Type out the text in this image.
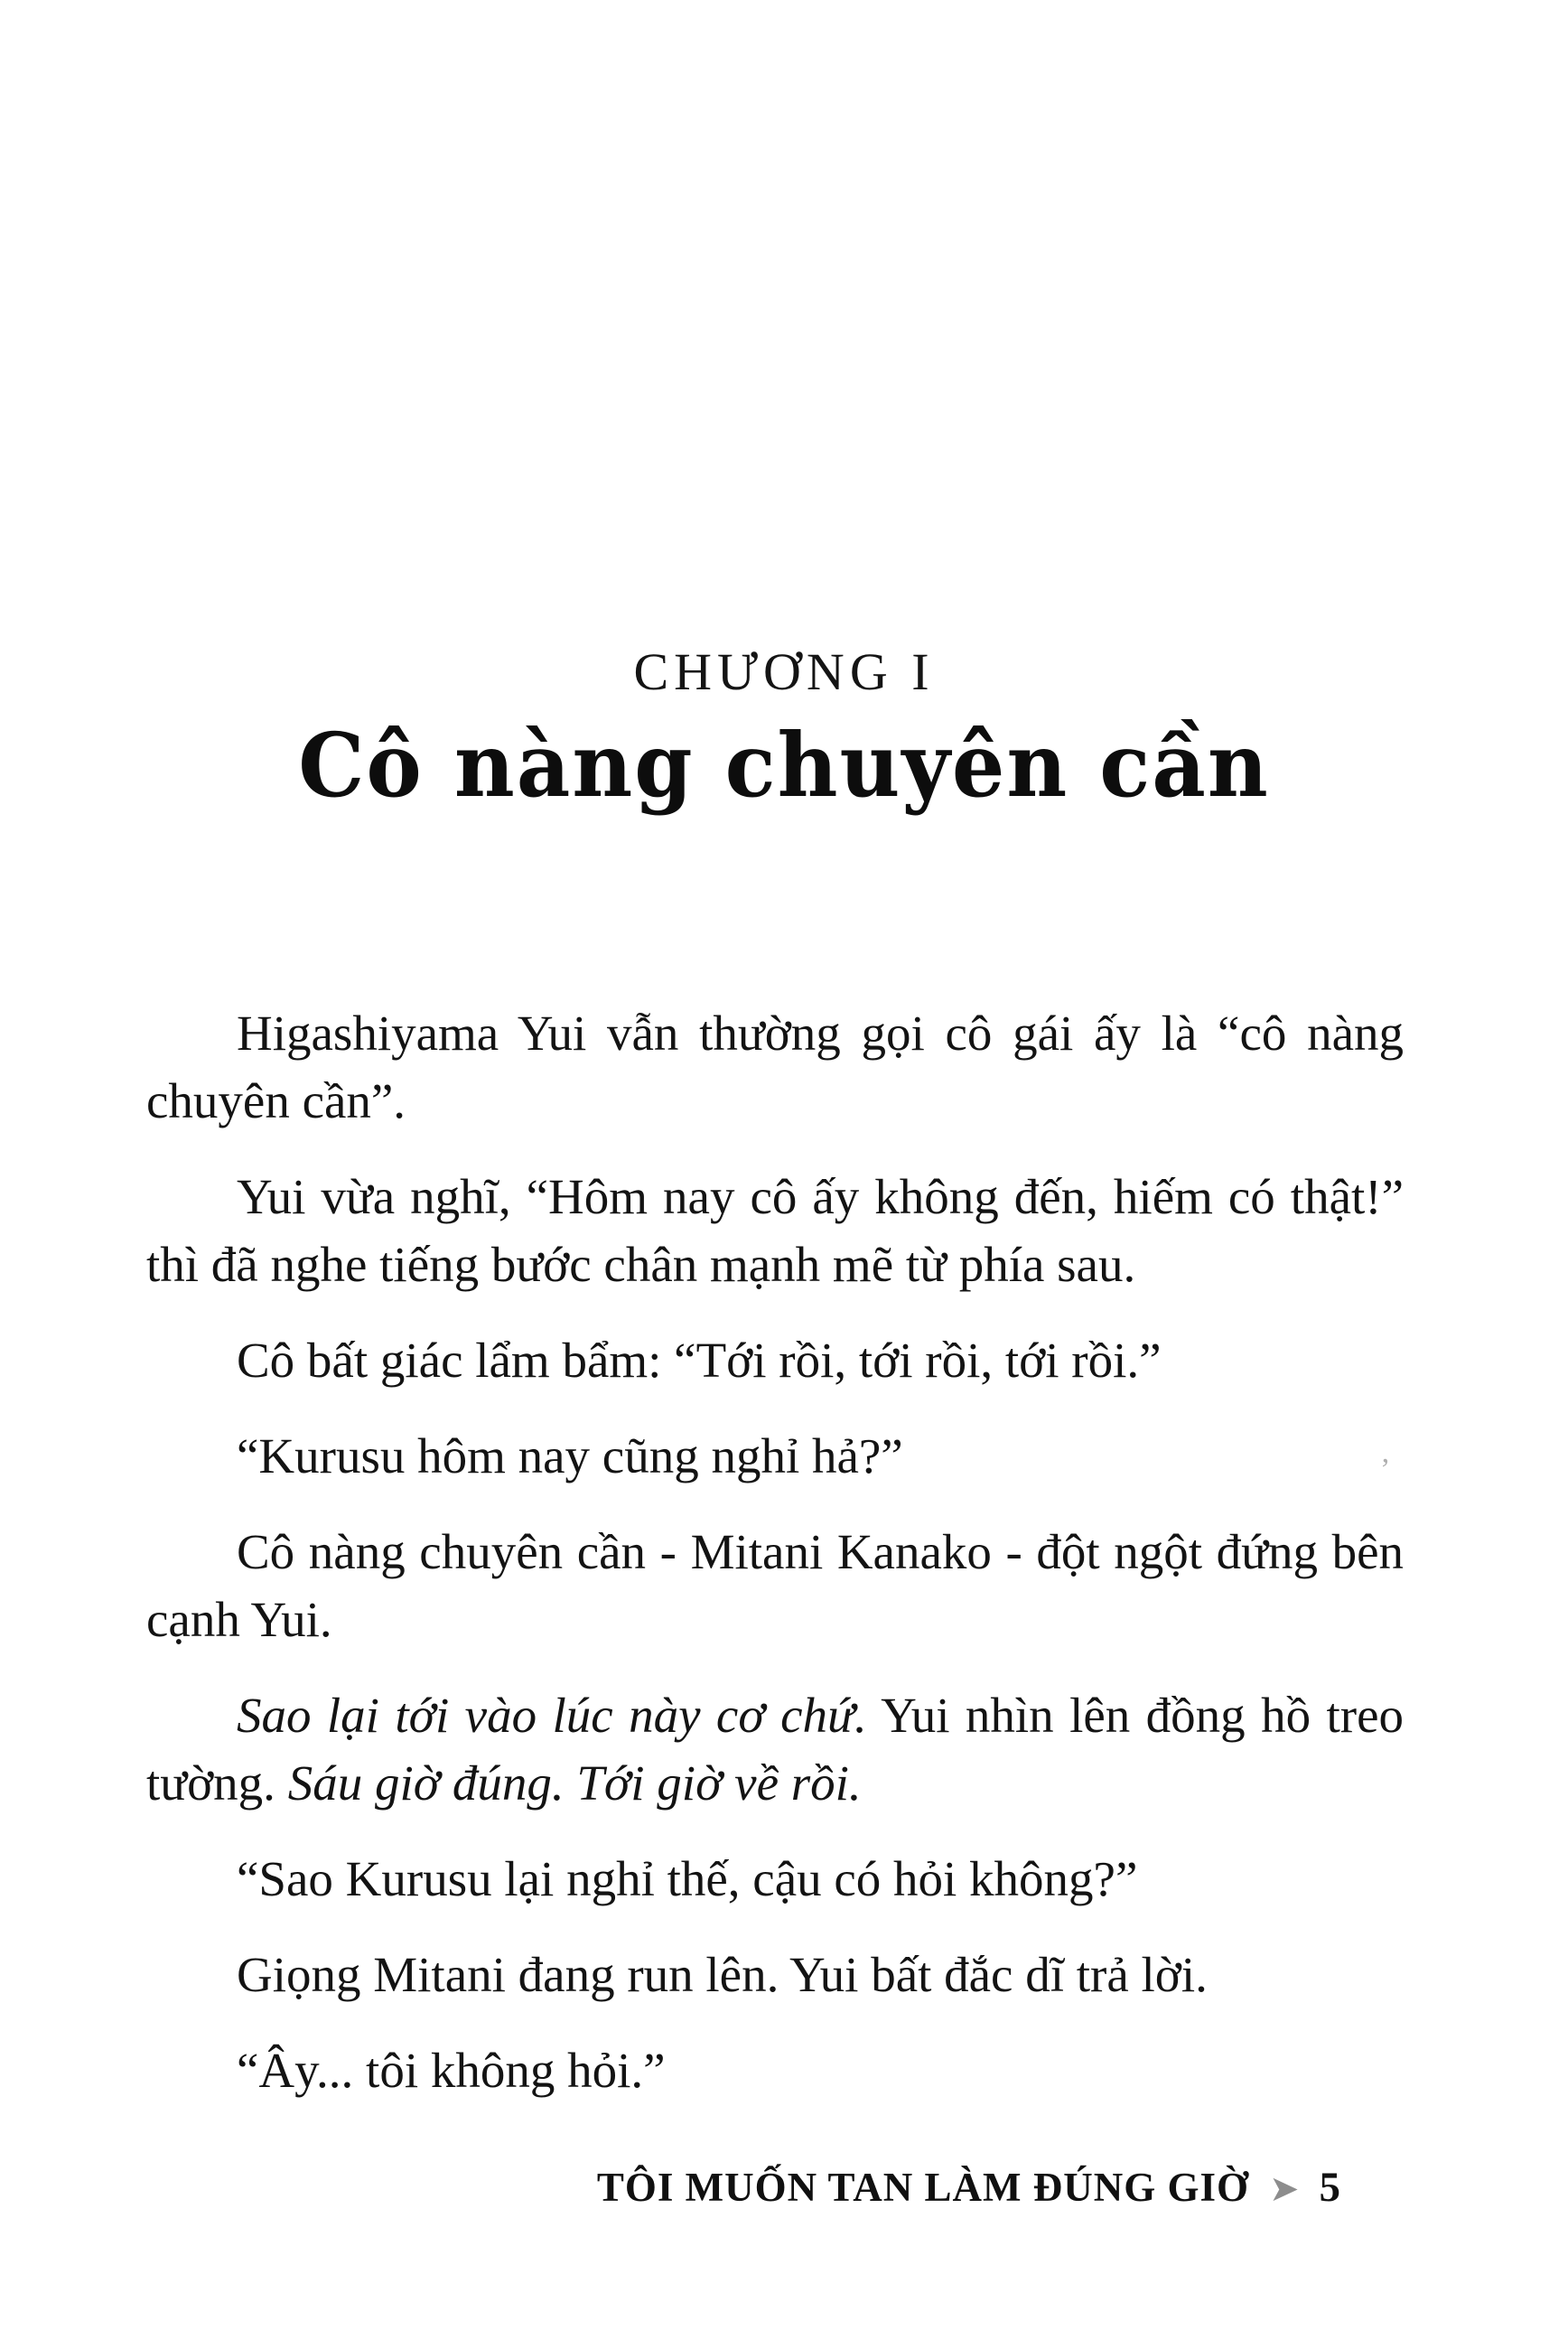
CHƯƠNG I
Cô nàng chuyên cần

Higashiyama Yui vẫn thường gọi cô gái ấy là “cô nàng chuyên cần”.

Yui vừa nghĩ, “Hôm nay cô ấy không đến, hiếm có thật!” thì đã nghe tiếng bước chân mạnh mẽ từ phía sau.

Cô bất giác lẩm bẩm: “Tới rồi, tới rồi, tới rồi.”

“Kurusu hôm nay cũng nghỉ hả?”

Cô nàng chuyên cần - Mitani Kanako - đột ngột đứng bên cạnh Yui.

Sao lại tới vào lúc này cơ chứ. Yui nhìn lên đồng hồ treo tường. Sáu giờ đúng. Tới giờ về rồi.

“Sao Kurusu lại nghỉ thế, cậu có hỏi không?”

Giọng Mitani đang run lên. Yui bất đắc dĩ trả lời.

“Ây... tôi không hỏi.”

’
TÔI MUỐN TAN LÀM ĐÚNG GIỜ ➤ 5
